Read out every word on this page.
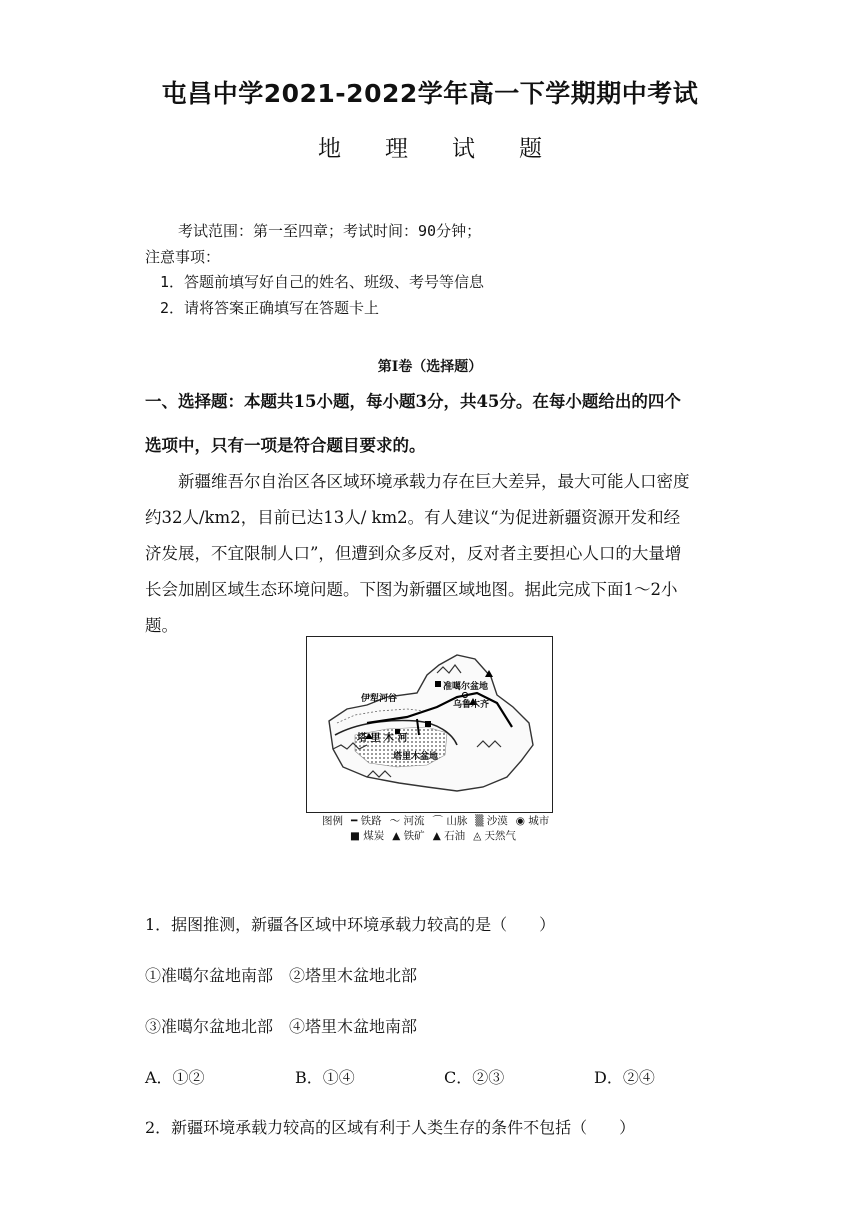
屯昌中学2021-2022学年高一下学期期中考试
地 理 试 题
考试范围：第一至四章；考试时间：90分钟；
注意事项：
1．答题前填写好自己的姓名、班级、考号等信息
2．请将答案正确填写在答题卡上
第I卷（选择题）
一、选择题：本题共15小题，每小题3分，共45分。在每小题给出的四个
选项中，只有一项是符合题目要求的。

新疆维吾尔自治区各区域环境承载力存在巨大差异，最大可能人口密度

约32人/km2，目前已达13人/ km2。有人建议“为促进新疆资源开发和经

济发展，不宜限制人口”，但遭到众多反对，反对者主要担心人口的大量增

长会加剧区域生态环境问题。下图为新疆区域地图。据此完成下面1～2小

题。

伊犁河谷
准噶尔盆地
乌鲁木齐
塔 里 木 河
塔里木盆地
图例 ━ 铁路 〜 河流 ⌒ 山脉 ▒ 沙漠 ◉ 城市
■ 煤炭 ▲ 铁矿 ▲ 石油 ◬ 天然气
1．据图推测，新疆各区域中环境承载力较高的是（　　）
①准噶尔盆地南部　②塔里木盆地北部
③准噶尔盆地北部　④塔里木盆地南部
A．①②	B．①④	C．②③	D．②④
2．新疆环境承载力较高的区域有利于人类生存的条件不包括（　　）
